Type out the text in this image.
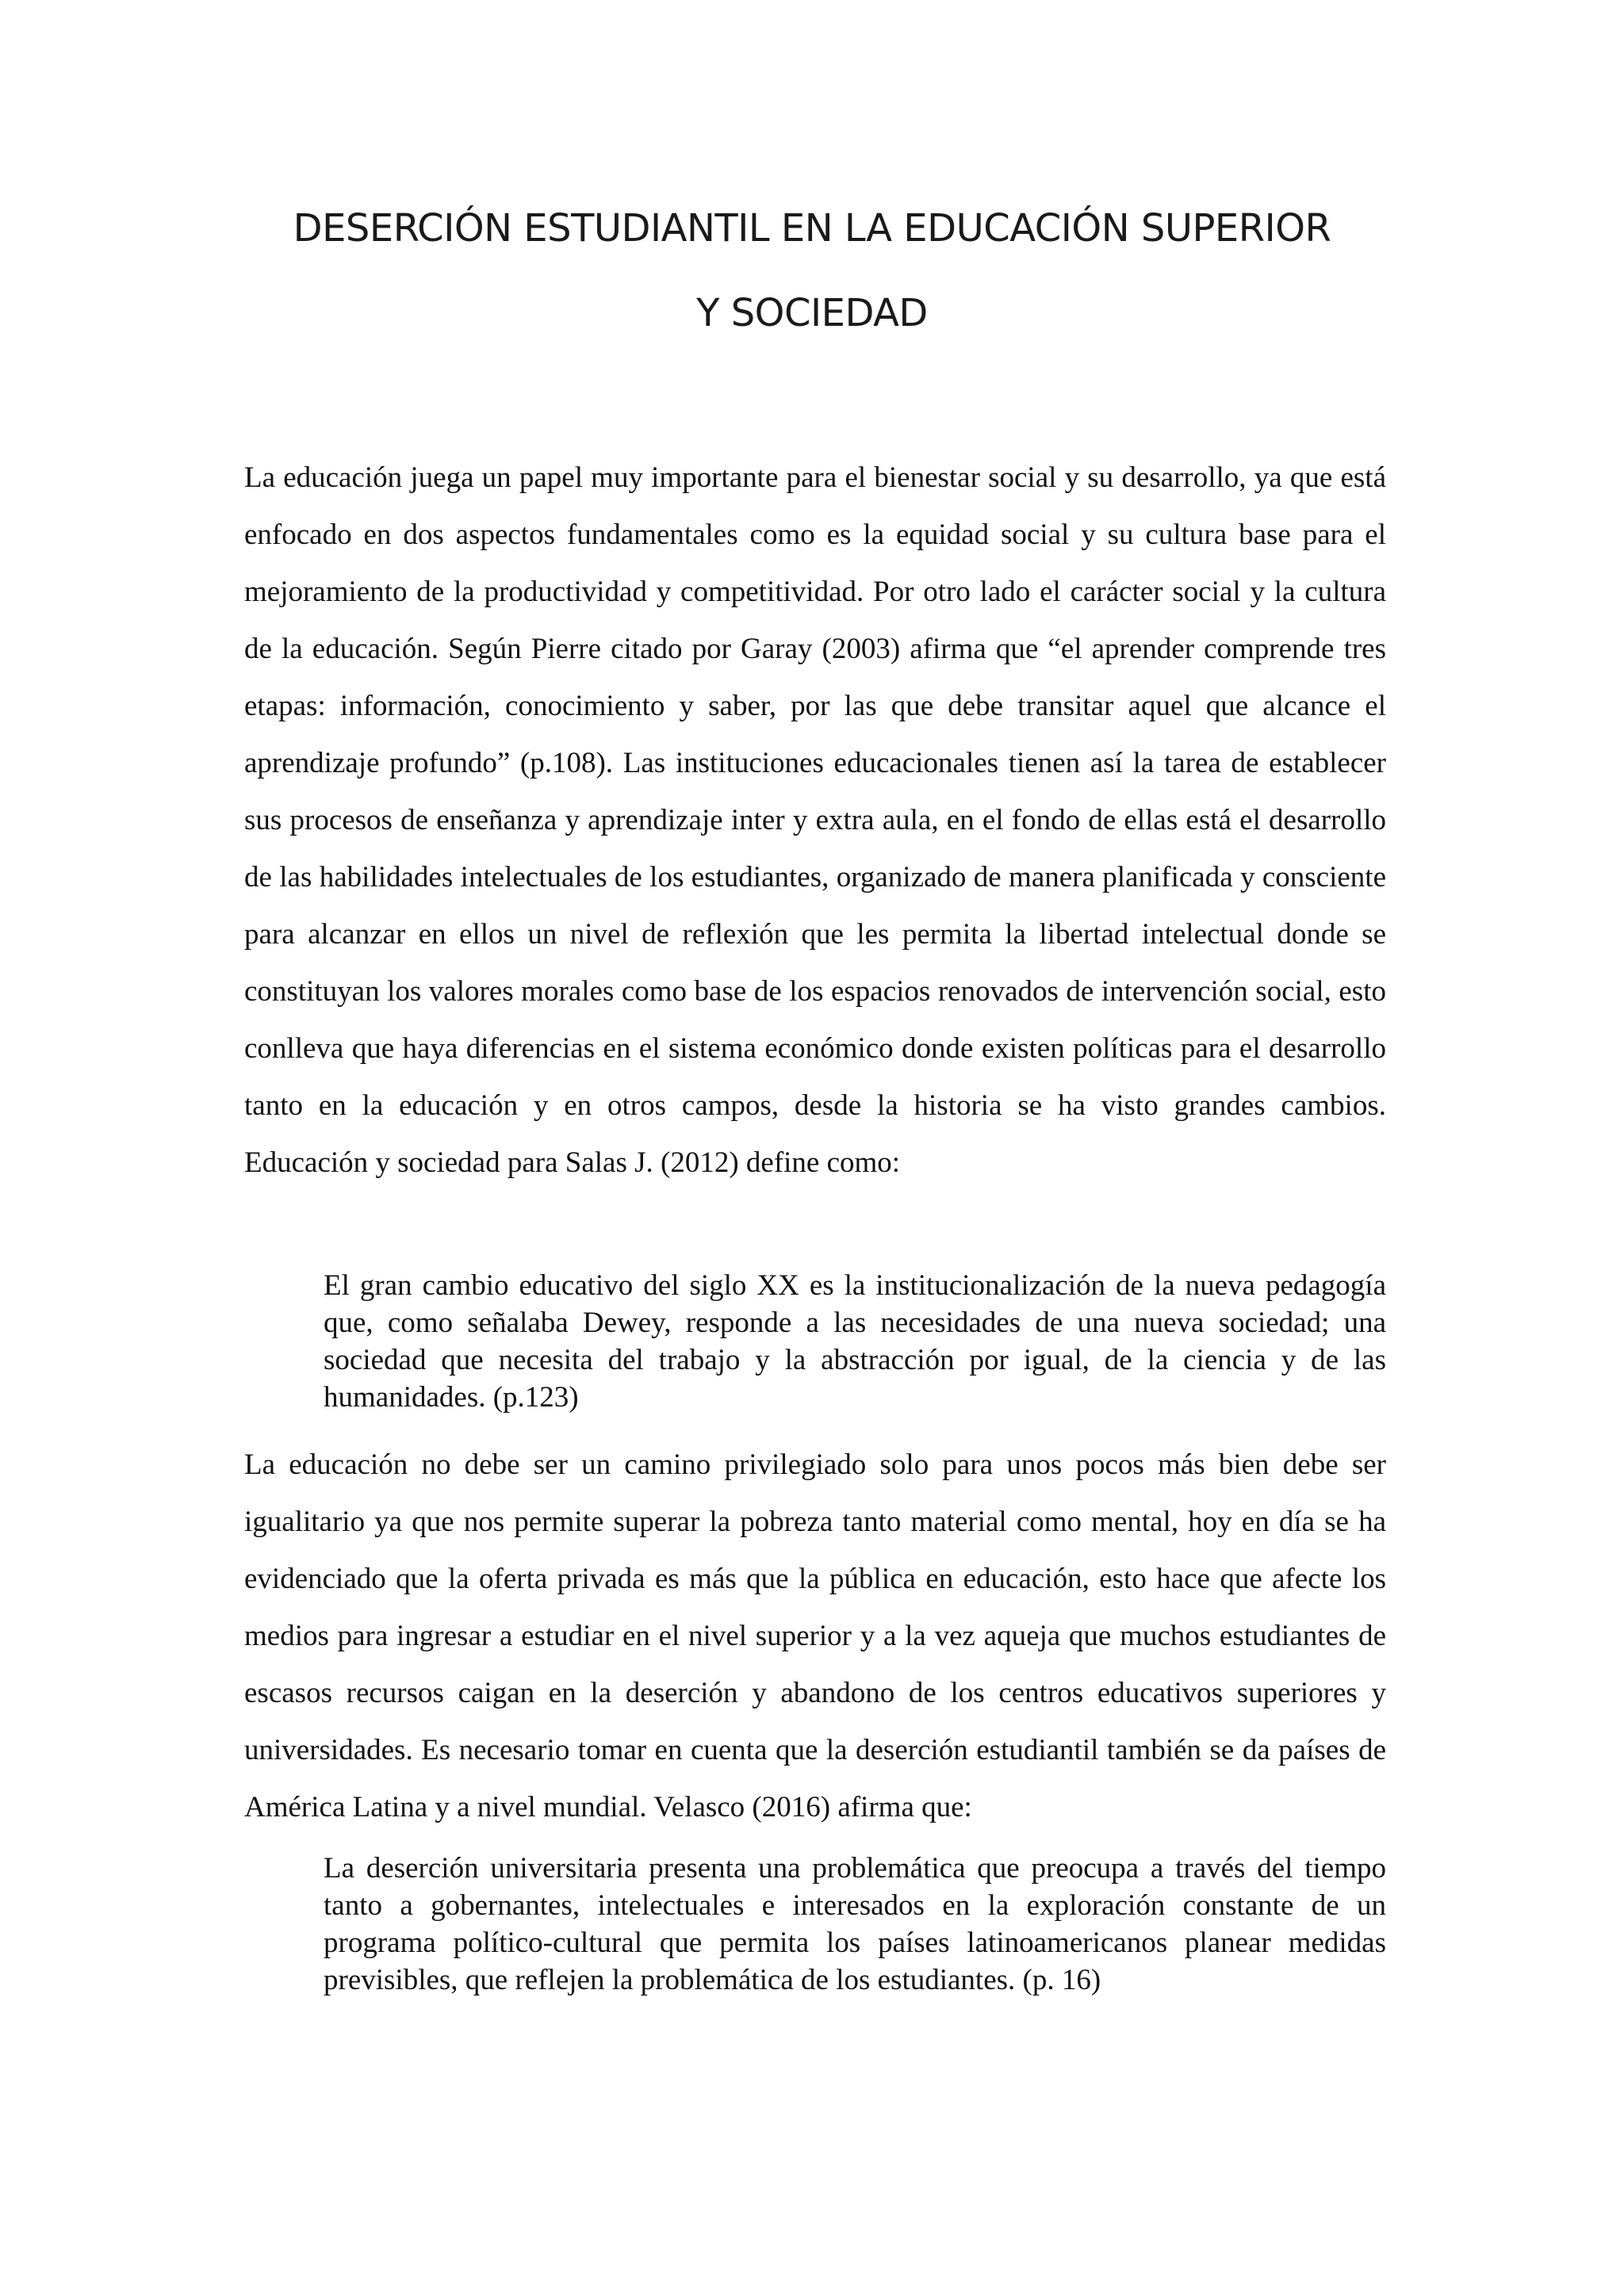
DESERCIÓN ESTUDIANTIL EN LA EDUCACIÓN SUPERIOR
Y SOCIEDAD

La educación juega un papel muy importante para el bienestar social y su desarrollo, ya que está enfocado en dos aspectos fundamentales como es la equidad social y su cultura base para el mejoramiento de la productividad y competitividad. Por otro lado el carácter social y la cultura de la educación. Según Pierre citado por Garay (2003) afirma que “el aprender comprende tres etapas: información, conocimiento y saber, por las que debe transitar aquel que alcance el aprendizaje profundo” (p.108). Las instituciones educacionales tienen así la tarea de establecer sus procesos de enseñanza y aprendizaje inter y extra aula, en el fondo de ellas está el desarrollo de las habilidades intelectuales de los estudiantes, organizado de manera planificada y consciente para alcanzar en ellos un nivel de reflexión que les permita la libertad intelectual donde se constituyan los valores morales como base de los espacios renovados de intervención social, esto conlleva que haya diferencias en el sistema económico donde existen políticas para el desarrollo tanto en la educación y en otros campos, desde la historia se ha visto grandes cambios. Educación y sociedad para Salas J. (2012) define como:

El gran cambio educativo del siglo XX es la institucionalización de la nueva pedagogía que, como señalaba Dewey, responde a las necesidades de una nueva sociedad; una sociedad que necesita del trabajo y la abstracción por igual, de la ciencia y de las humanidades. (p.123)

La educación no debe ser un camino privilegiado solo para unos pocos más bien debe ser igualitario ya que nos permite superar la pobreza tanto material como mental, hoy en día se ha evidenciado que la oferta privada es más que la pública en educación, esto hace que afecte los medios para ingresar a estudiar en el nivel superior y a la vez aqueja que muchos estudiantes de escasos recursos caigan en la deserción y abandono de los centros educativos superiores y universidades. Es necesario tomar en cuenta que la deserción estudiantil también se da países de América Latina y a nivel mundial. Velasco (2016) afirma que:

La deserción universitaria presenta una problemática que preocupa a través del tiempo tanto a gobernantes, intelectuales e interesados en la exploración constante de un programa político-cultural que permita los países latinoamericanos planear medidas previsibles, que reflejen la problemática de los estudiantes. (p. 16)
